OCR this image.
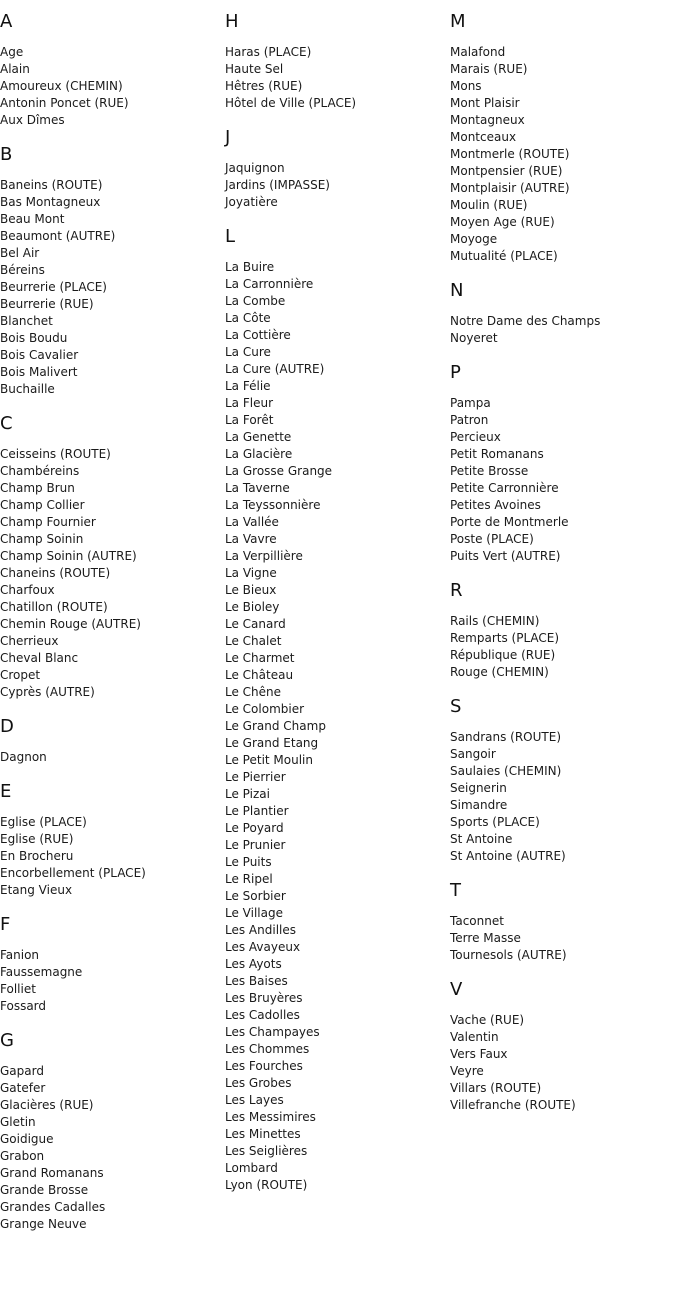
A
Age
Alain
Amoureux (CHEMIN)
Antonin Poncet (RUE)
Aux Dîmes
B
Baneins (ROUTE)
Bas Montagneux
Beau Mont
Beaumont (AUTRE)
Bel Air
Béreins
Beurrerie (PLACE)
Beurrerie (RUE)
Blanchet
Bois Boudu
Bois Cavalier
Bois Malivert
Buchaille
C
Ceisseins (ROUTE)
Chambéreins
Champ Brun
Champ Collier
Champ Fournier
Champ Soinin
Champ Soinin (AUTRE)
Chaneins (ROUTE)
Charfoux
Chatillon (ROUTE)
Chemin Rouge (AUTRE)
Cherrieux
Cheval Blanc
Cropet
Cyprès (AUTRE)
D
Dagnon
E
Eglise (PLACE)
Eglise (RUE)
En Brocheru
Encorbellement (PLACE)
Etang Vieux
F
Fanion
Faussemagne
Folliet
Fossard
G
Gapard
Gatefer
Glacières (RUE)
Gletin
Goidigue
Grabon
Grand Romanans
Grande Brosse
Grandes Cadalles
Grange Neuve
H
Haras (PLACE)
Haute Sel
Hêtres (RUE)
Hôtel de Ville (PLACE)
J
Jaquignon
Jardins (IMPASSE)
Joyatière
L
La Buire
La Carronnière
La Combe
La Côte
La Cottière
La Cure
La Cure (AUTRE)
La Félie
La Fleur
La Forêt
La Genette
La Glacière
La Grosse Grange
La Taverne
La Teyssonnière
La Vallée
La Vavre
La Verpillière
La Vigne
Le Bieux
Le Bioley
Le Canard
Le Chalet
Le Charmet
Le Château
Le Chêne
Le Colombier
Le Grand Champ
Le Grand Etang
Le Petit Moulin
Le Pierrier
Le Pizai
Le Plantier
Le Poyard
Le Prunier
Le Puits
Le Ripel
Le Sorbier
Le Village
Les Andilles
Les Avayeux
Les Ayots
Les Baises
Les Bruyères
Les Cadolles
Les Champayes
Les Chommes
Les Fourches
Les Grobes
Les Layes
Les Messimires
Les Minettes
Les Seiglières
Lombard
Lyon (ROUTE)
M
Malafond
Marais (RUE)
Mons
Mont Plaisir
Montagneux
Montceaux
Montmerle (ROUTE)
Montpensier (RUE)
Montplaisir (AUTRE)
Moulin (RUE)
Moyen Age (RUE)
Moyoge
Mutualité (PLACE)
N
Notre Dame des Champs
Noyeret
P
Pampa
Patron
Percieux
Petit Romanans
Petite Brosse
Petite Carronnière
Petites Avoines
Porte de Montmerle
Poste (PLACE)
Puits Vert (AUTRE)
R
Rails (CHEMIN)
Remparts (PLACE)
République (RUE)
Rouge (CHEMIN)
S
Sandrans (ROUTE)
Sangoir
Saulaies (CHEMIN)
Seignerin
Simandre
Sports (PLACE)
St Antoine
St Antoine (AUTRE)
T
Taconnet
Terre Masse
Tournesols (AUTRE)
V
Vache (RUE)
Valentin
Vers Faux
Veyre
Villars (ROUTE)
Villefranche (ROUTE)
